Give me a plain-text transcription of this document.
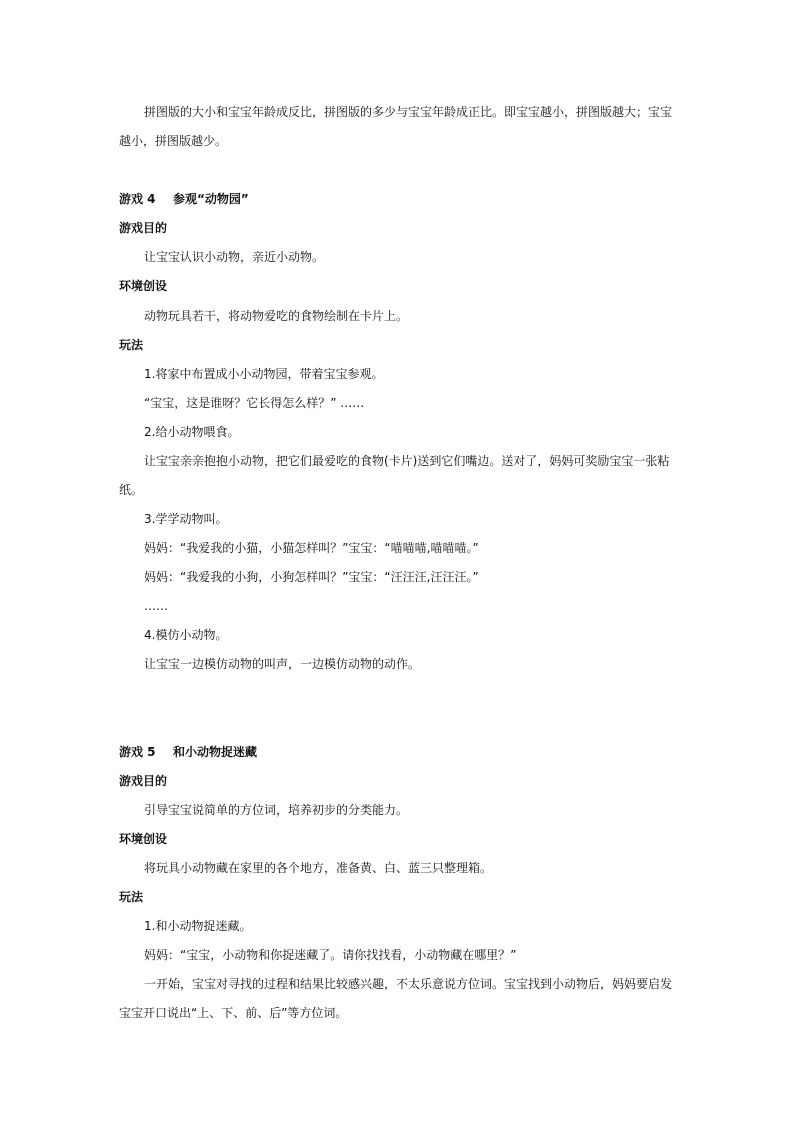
拼图版的大小和宝宝年龄成反比，拼图版的多少与宝宝年龄成正比。即宝宝越小，拼图版越大；宝宝
越小，拼图版越少。
游戏 4 参观“动物园”
游戏目的
让宝宝认识小动物，亲近小动物。
环境创设
动物玩具若干，将动物爱吃的食物绘制在卡片上。
玩法
1.将家中布置成小小动物园，带着宝宝参观。
“宝宝，这是谁呀？它长得怎么样？” ……
2.给小动物喂食。
让宝宝亲亲抱抱小动物，把它们最爱吃的食物(卡片)送到它们嘴边。送对了，妈妈可奖励宝宝一张粘
纸。
3.学学动物叫。
妈妈：“我爱我的小猫，小猫怎样叫？”宝宝：“喵喵喵,喵喵喵。”
妈妈：“我爱我的小狗，小狗怎样叫？”宝宝：“汪汪汪,汪汪汪。”
……
4.模仿小动物。
让宝宝一边模仿动物的叫声，一边模仿动物的动作。
游戏 5 和小动物捉迷藏
游戏目的
引导宝宝说简单的方位词，培养初步的分类能力。
环境创设
将玩具小动物藏在家里的各个地方，准备黄、白、蓝三只整理箱。
玩法
1.和小动物捉迷藏。
妈妈：“宝宝，小动物和你捉迷藏了。请你找找看，小动物藏在哪里？”
一开始，宝宝对寻找的过程和结果比较感兴趣，不太乐意说方位词。宝宝找到小动物后，妈妈要启发
宝宝开口说出“上、下、前、后”等方位词。
